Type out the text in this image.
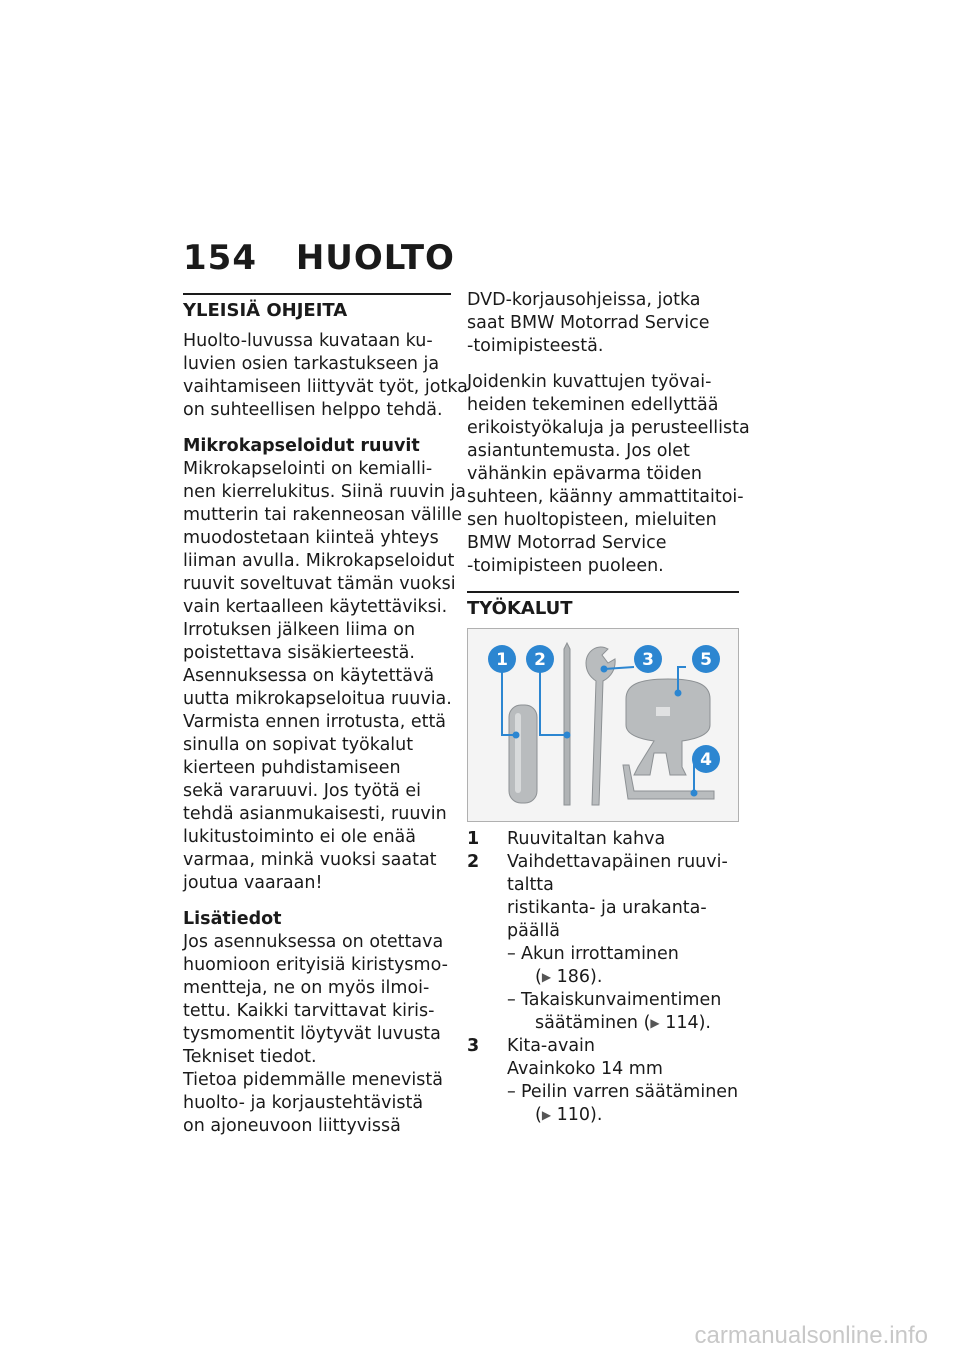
154 HUOLTO
YLEISIÄ OHJEITA

Huolto-luvussa kuvataan ku-
luvien osien tarkastukseen ja
vaihtamiseen liittyvät työt, jotka
on suhteellisen helppo tehdä.

Mikrokapseloidut ruuvit

Mikrokapselointi on kemialli-
nen kierrelukitus. Siinä ruuvin ja
mutterin tai rakenneosan välille
muodostetaan kiinteä yhteys
liiman avulla. Mikrokapseloidut
ruuvit soveltuvat tämän vuoksi
vain kertaalleen käytettäviksi.
Irrotuksen jälkeen liima on
poistettava sisäkierteestä.
Asennuksessa on käytettävä
uutta mikrokapseloitua ruuvia.
Varmista ennen irrotusta, että
sinulla on sopivat työkalut
kierteen puhdistamiseen
sekä vararuuvi. Jos työtä ei
tehdä asianmukaisesti, ruuvin
lukitustoiminto ei ole enää
varmaa, minkä vuoksi saatat
joutua vaaraan!

Lisätiedot

Jos asennuksessa on otettava
huomioon erityisiä kiristysmo-
mentteja, ne on myös ilmoi-
tettu. Kaikki tarvittavat kiris-
tysmomentit löytyvät luvusta
Tekniset tiedot.
Tietoa pidemmälle menevistä
huolto- ja korjaustehtävistä
on ajoneuvoon liittyvissä

DVD-korjausohjeissa, jotka
saat BMW Motorrad Service
-toimipisteestä.

Joidenkin kuvattujen työvai-
heiden tekeminen edellyttää
erikoistyökaluja ja perusteellista
asiantuntemusta. Jos olet
vähänkin epävarma töiden
suhteen, käänny ammattitaitoi-
sen huoltopisteen, mieluiten
BMW Motorrad Service
-toimipisteen puoleen.

TYÖKALUT
1 2	3
4
5
1	Ruuvitaltan kahva
2	Vaihdettavapäinen ruuvi-
taltta
ristikanta- ja urakanta-
päällä
– Akun irrottaminen
(▶ 186).
– Takaiskunvaimentimen
säätäminen (▶ 114).
3	Kita-avain
Avainkoko 14 mm
– Peilin varren säätäminen
(▶ 110).
carmanualsonline.info
